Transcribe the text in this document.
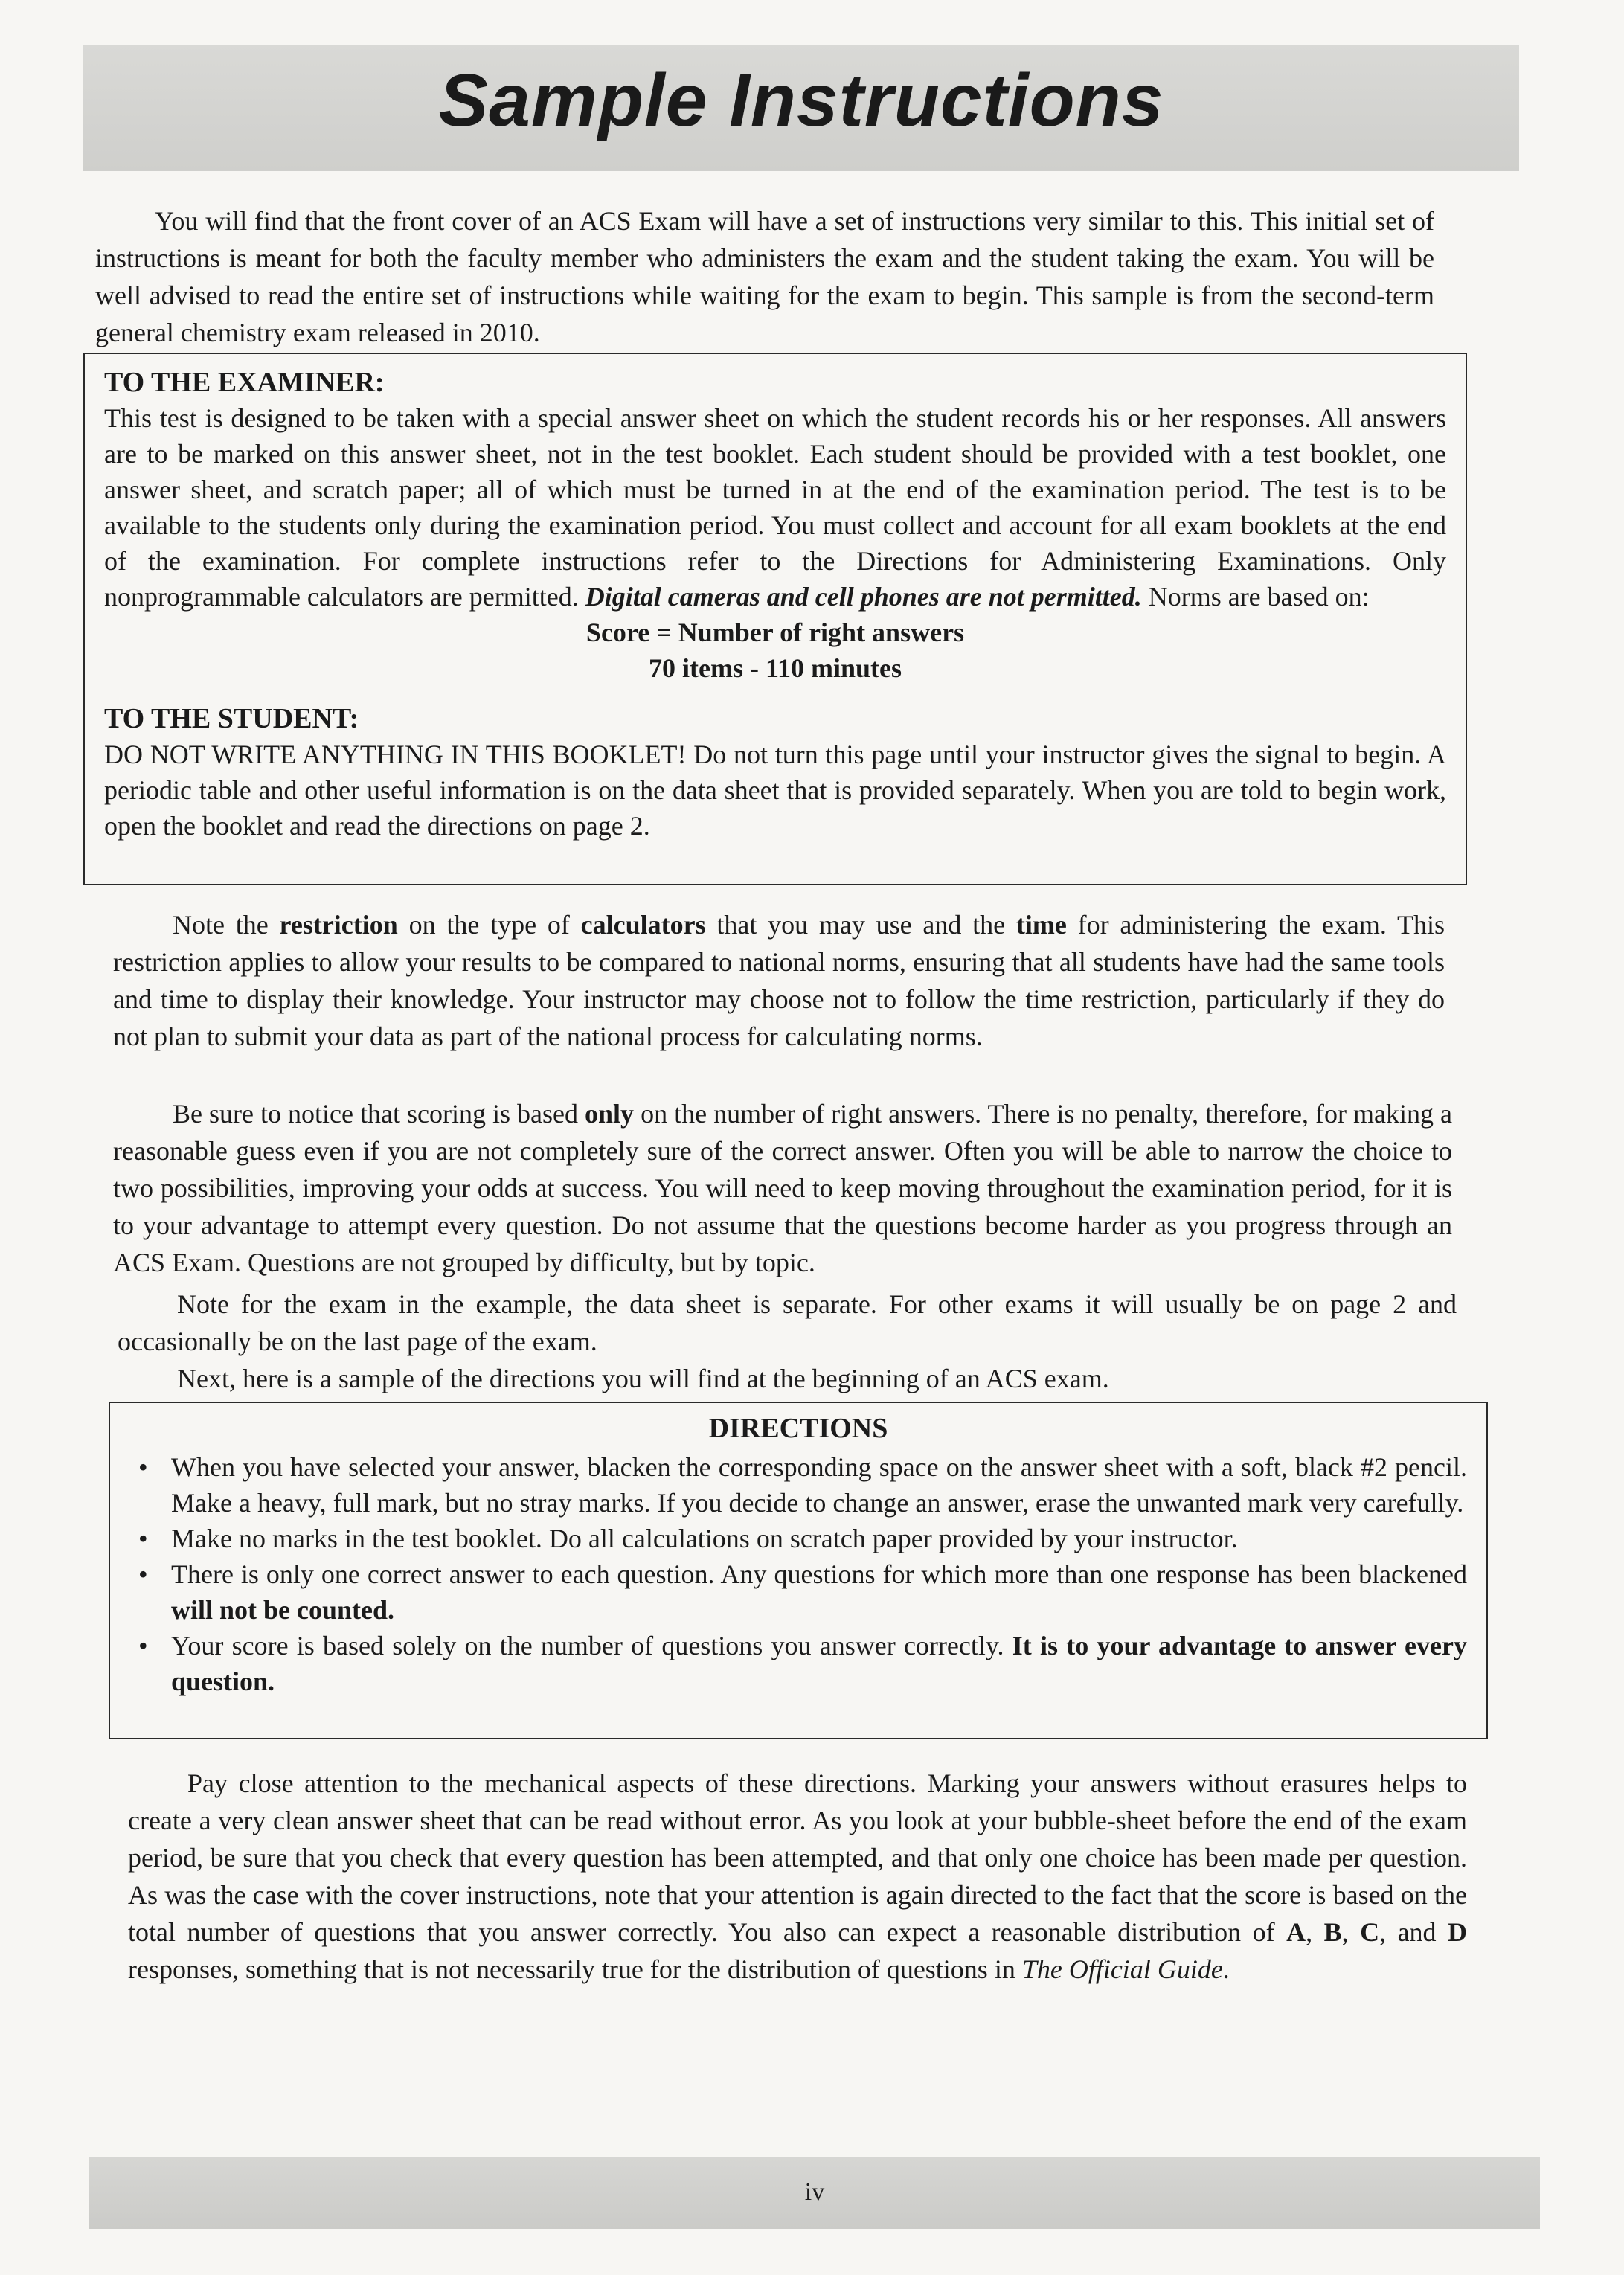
Sample Instructions
You will find that the front cover of an ACS Exam will have a set of instructions very similar to this. This initial set of instructions is meant for both the faculty member who administers the exam and the student taking the exam. You will be well advised to read the entire set of instructions while waiting for the exam to begin. This sample is from the second-term general chemistry exam released in 2010.
TO THE EXAMINER:
This test is designed to be taken with a special answer sheet on which the student records his or her responses. All answers are to be marked on this answer sheet, not in the test booklet. Each student should be provided with a test booklet, one answer sheet, and scratch paper; all of which must be turned in at the end of the examination period. The test is to be available to the students only during the examination period. You must collect and account for all exam booklets at the end of the examination. For complete instructions refer to the Directions for Administering Examinations. Only nonprogrammable calculators are permitted. Digital cameras and cell phones are not permitted. Norms are based on:
Score = Number of right answers
70 items - 110 minutes
TO THE STUDENT:
DO NOT WRITE ANYTHING IN THIS BOOKLET! Do not turn this page until your instructor gives the signal to begin. A periodic table and other useful information is on the data sheet that is provided separately. When you are told to begin work, open the booklet and read the directions on page 2.
Note the restriction on the type of calculators that you may use and the time for administering the exam. This restriction applies to allow your results to be compared to national norms, ensuring that all students have had the same tools and time to display their knowledge. Your instructor may choose not to follow the time restriction, particularly if they do not plan to submit your data as part of the national process for calculating norms.
Be sure to notice that scoring is based only on the number of right answers. There is no penalty, therefore, for making a reasonable guess even if you are not completely sure of the correct answer. Often you will be able to narrow the choice to two possibilities, improving your odds at success. You will need to keep moving throughout the examination period, for it is to your advantage to attempt every question. Do not assume that the questions become harder as you progress through an ACS Exam. Questions are not grouped by difficulty, but by topic.
Note for the exam in the example, the data sheet is separate. For other exams it will usually be on page 2 and occasionally be on the last page of the exam.
Next, here is a sample of the directions you will find at the beginning of an ACS exam.
DIRECTIONS
• When you have selected your answer, blacken the corresponding space on the answer sheet with a soft, black #2 pencil. Make a heavy, full mark, but no stray marks. If you decide to change an answer, erase the unwanted mark very carefully.
• Make no marks in the test booklet. Do all calculations on scratch paper provided by your instructor.
• There is only one correct answer to each question. Any questions for which more than one response has been blackened will not be counted.
• Your score is based solely on the number of questions you answer correctly. It is to your advantage to answer every question.
Pay close attention to the mechanical aspects of these directions. Marking your answers without erasures helps to create a very clean answer sheet that can be read without error. As you look at your bubble-sheet before the end of the exam period, be sure that you check that every question has been attempted, and that only one choice has been made per question. As was the case with the cover instructions, note that your attention is again directed to the fact that the score is based on the total number of questions that you answer correctly. You also can expect a reasonable distribution of A, B, C, and D responses, something that is not necessarily true for the distribution of questions in The Official Guide.
iv
